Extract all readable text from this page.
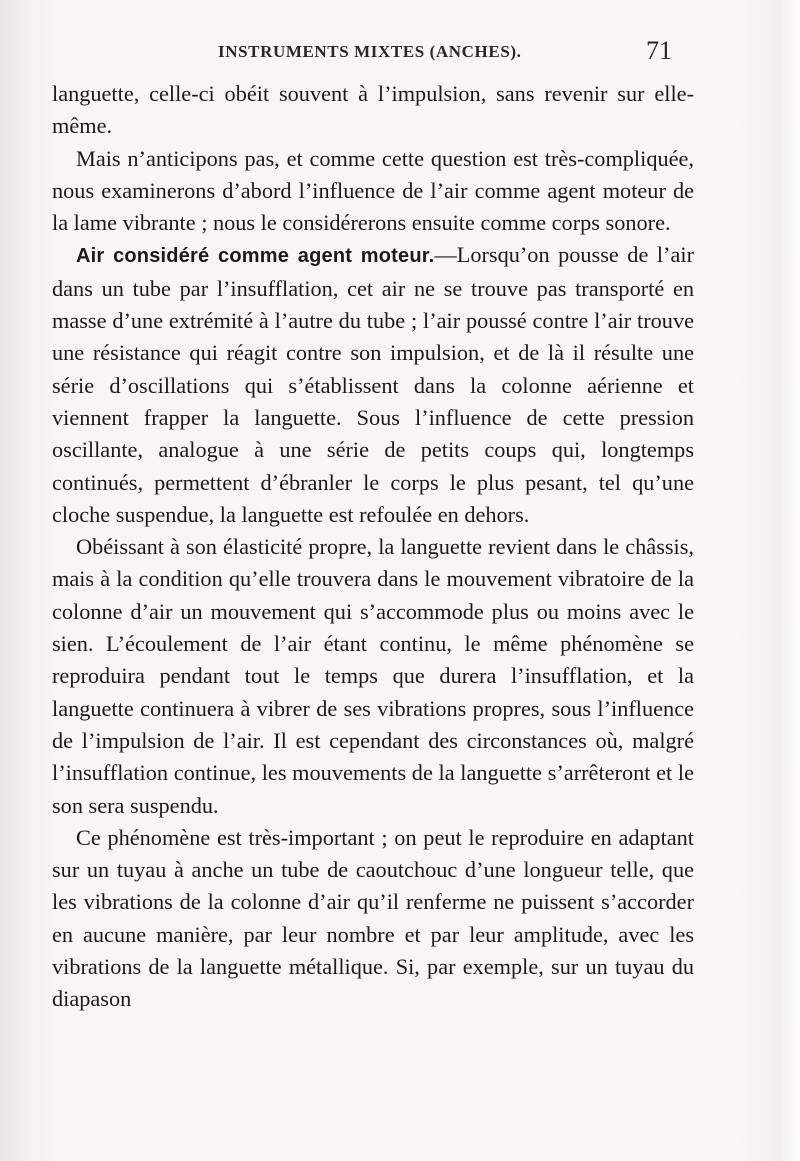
INSTRUMENTS MIXTES (ANCHES).	71

languette, celle-ci obéit souvent à l’impulsion, sans revenir sur elle-même.

Mais n’anticipons pas, et comme cette question est très-compliquée, nous examinerons d’abord l’influence de l’air comme agent moteur de la lame vibrante ; nous le considérerons ensuite comme corps sonore.

Air considéré comme agent moteur.—Lorsqu’on pousse de l’air dans un tube par l’insufflation, cet air ne se trouve pas transporté en masse d’une extrémité à l’autre du tube ; l’air poussé contre l’air trouve une résistance qui réagit contre son impulsion, et de là il résulte une série d’oscillations qui s’établissent dans la colonne aérienne et viennent frapper la languette. Sous l’influence de cette pression oscillante, analogue à une série de petits coups qui, longtemps continués, permettent d’ébranler le corps le plus pesant, tel qu’une cloche suspendue, la languette est refoulée en dehors.

Obéissant à son élasticité propre, la languette revient dans le châssis, mais à la condition qu’elle trouvera dans le mouvement vibratoire de la colonne d’air un mouvement qui s’accommode plus ou moins avec le sien. L’écoulement de l’air étant continu, le même phénomène se reproduira pendant tout le temps que durera l’insufflation, et la languette continuera à vibrer de ses vibrations propres, sous l’influence de l’impulsion de l’air. Il est cependant des circonstances où, malgré l’insufflation continue, les mouvements de la languette s’arrêteront et le son sera suspendu.

Ce phénomène est très-important ; on peut le reproduire en adaptant sur un tuyau à anche un tube de caoutchouc d’une longueur telle, que les vibrations de la colonne d’air qu’il renferme ne puissent s’accorder en aucune manière, par leur nombre et par leur amplitude, avec les vibrations de la languette métallique. Si, par exemple, sur un tuyau du diapason
